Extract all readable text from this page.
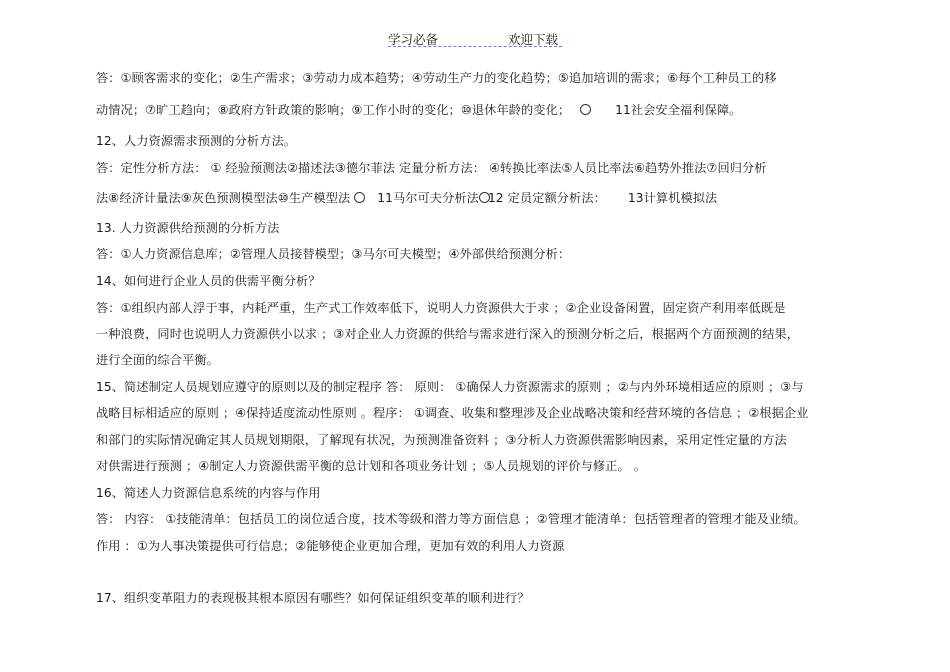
学习必备	欢迎下载
答：①顾客需求的变化；②生产需求；③劳动力成本趋势；④劳动生产力的变化趋势；⑤追加培训的需求；⑥每个工种员工的移
动情况；⑦旷工趋向；⑧政府方针政策的影响；⑨工作小时的变化；⑩退休年龄的变化；	11社会安全福利保障。
12、人力资源需求预测的分析方法。
答：定性分析方法： ① 经验预测法②描述法③德尔菲法 定量分析方法： ④转换比率法⑤人员比率法⑥趋势外推法⑦回归分析
法⑧经济计量法⑨灰色预测模型法⑩生产模型法 ○ 11马尔可夫分析法 12 定员定额分析法： 13计算机模拟法
13. 人力资源供给预测的分析方法
答：①人力资源信息库；②管理人员接替模型；③马尔可夫模型；④外部供给预测分析：
14、如何进行企业人员的供需平衡分析？
答：①组织内部人浮于事，内耗严重，生产式工作效率低下，说明人力资源供大于求 ；②企业设备闲置，固定资产利用率低既是
一种浪费，同时也说明人力资源供小以求 ；③对企业人力资源的供给与需求进行深入的预测分析之后，根据两个方面预测的结果，
进行全面的综合平衡。
15、简述制定人员规划应遵守的原则以及的制定程序 答： 原则： ①确保人力资源需求的原则 ；②与内外环境相适应的原则 ；③与
战略目标相适应的原则 ；④保持适度流动性原则 。程序： ①调查、收集和整理涉及企业战略决策和经营环境的各信息 ；②根据企业
和部门的实际情况确定其人员规划期限，了解现有状况，为预测准备资料 ；③分析人力资源供需影响因素，采用定性定量的方法
对供需进行预测 ；④制定人力资源供需平衡的总计划和各项业务计划 ；⑤人员规划的评价与修正。 。
16、简述人力资源信息系统的内容与作用
答： 内容： ①技能清单：包括员工的岗位适合度，技术等级和潜力等方面信息 ；②管理才能清单：包括管理者的管理才能及业绩。
作用 ：①为人事决策提供可行信息；②能够使企业更加合理，更加有效的利用人力资源
17、组织变革阻力的表现极其根本原因有哪些？如何保证组织变革的顺利进行？
